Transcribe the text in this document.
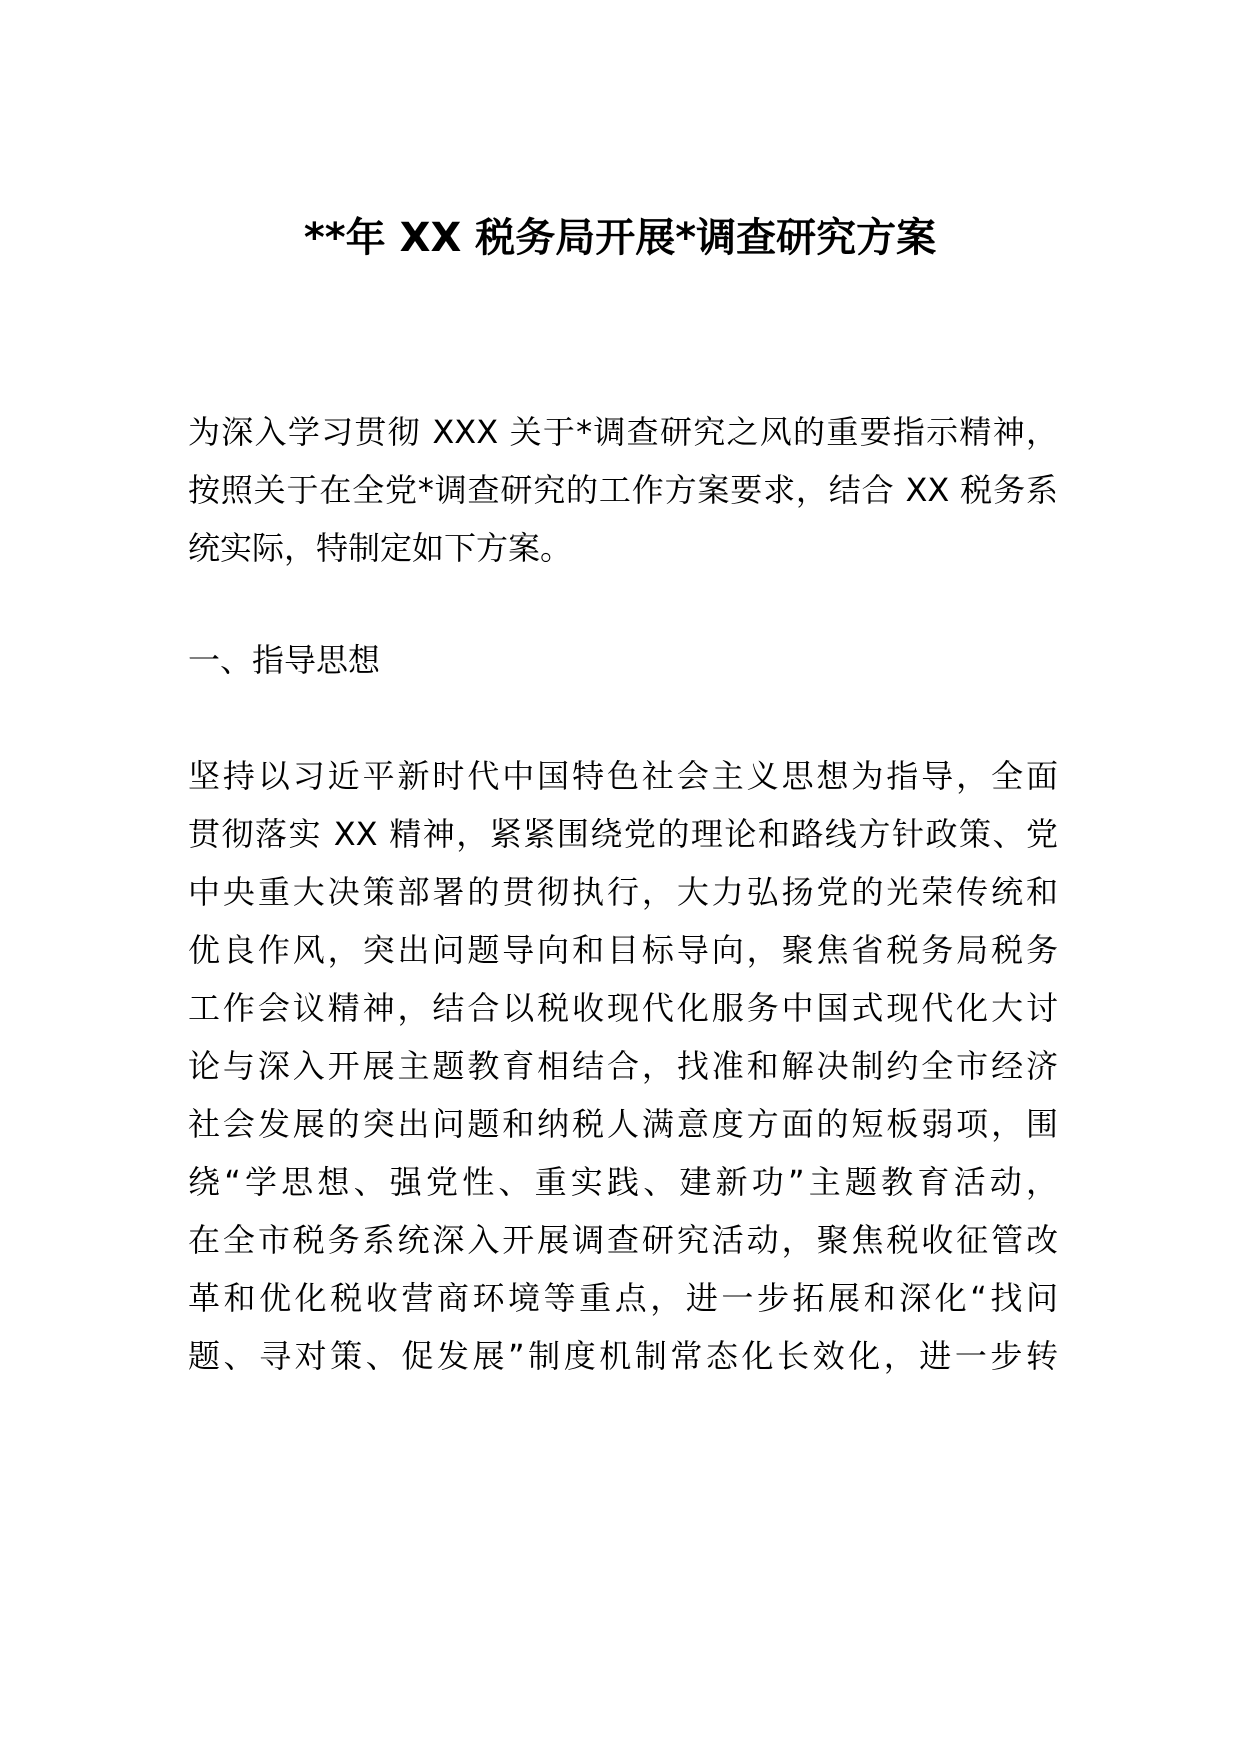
**年 XX 税务局开展*调查研究方案
为深入学习贯彻 XXX 关于*调查研究之风的重要指示精神，
按照关于在全党*调查研究的工作方案要求，结合 XX 税务系
统实际，特制定如下方案。
一、指导思想
坚持以习近平新时代中国特色社会主义思想为指导，全面
贯彻落实 XX 精神，紧紧围绕党的理论和路线方针政策、党
中央重大决策部署的贯彻执行，大力弘扬党的光荣传统和
优良作风，突出问题导向和目标导向，聚焦省税务局税务
工作会议精神，结合以税收现代化服务中国式现代化大讨
论与深入开展主题教育相结合，找准和解决制约全市经济
社会发展的突出问题和纳税人满意度方面的短板弱项，围
绕“学思想、强党性、重实践、建新功”主题教育活动，
在全市税务系统深入开展调查研究活动，聚焦税收征管改
革和优化税收营商环境等重点，进一步拓展和深化“找问
题、寻对策、促发展”制度机制常态化长效化，进一步转
